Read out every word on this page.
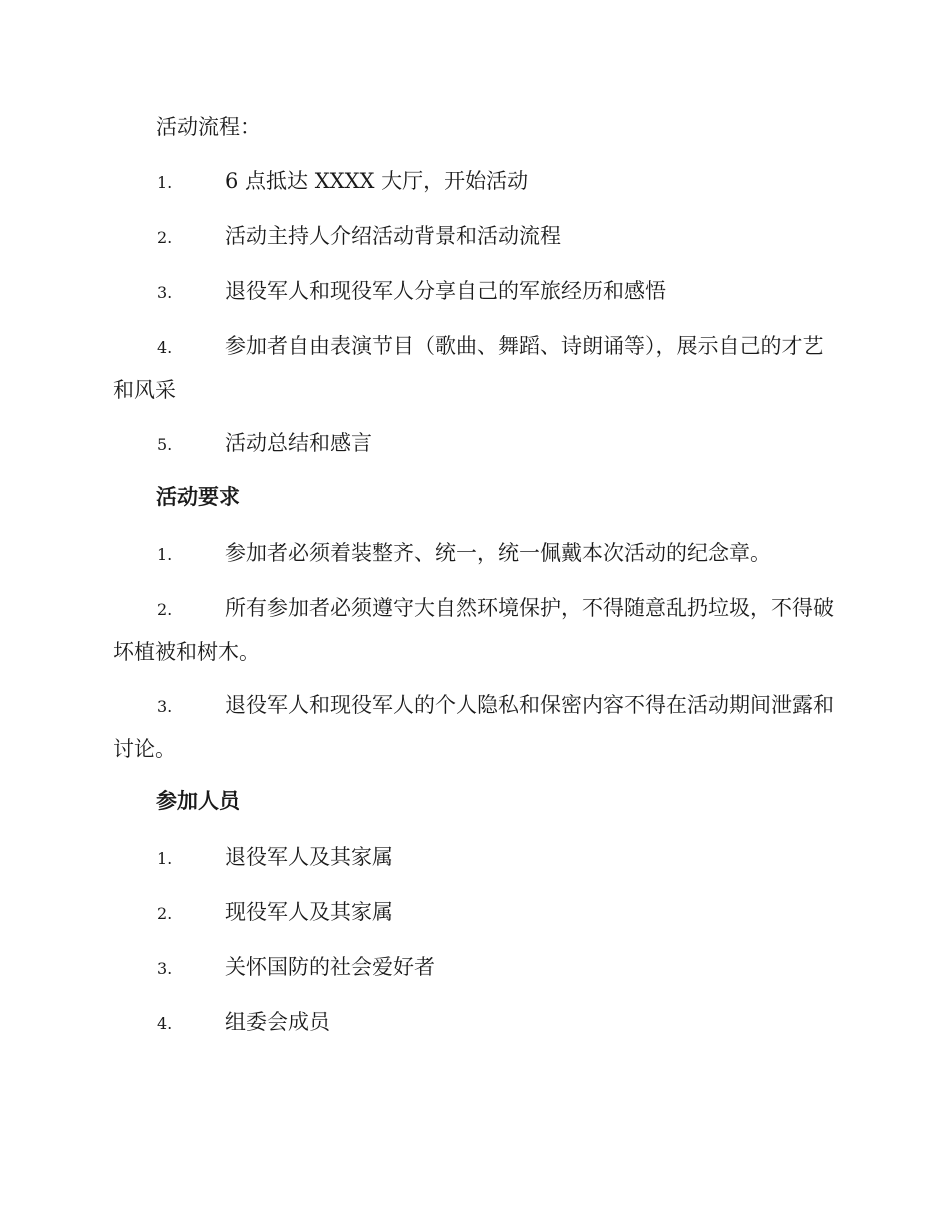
活动流程：
1.	6 点抵达 XXXX 大厅，开始活动
2.	活动主持人介绍活动背景和活动流程
3.	退役军人和现役军人分享自己的军旅经历和感悟
4.	参加者自由表演节目（歌曲、舞蹈、诗朗诵等），展示自己的才艺和风采
5.	活动总结和感言
活动要求
1.	参加者必须着装整齐、统一，统一佩戴本次活动的纪念章。
2.	所有参加者必须遵守大自然环境保护，不得随意乱扔垃圾，不得破坏植被和树木。
3.	退役军人和现役军人的个人隐私和保密内容不得在活动期间泄露和讨论。
参加人员
1.	退役军人及其家属
2.	现役军人及其家属
3.	关怀国防的社会爱好者
4.	组委会成员
